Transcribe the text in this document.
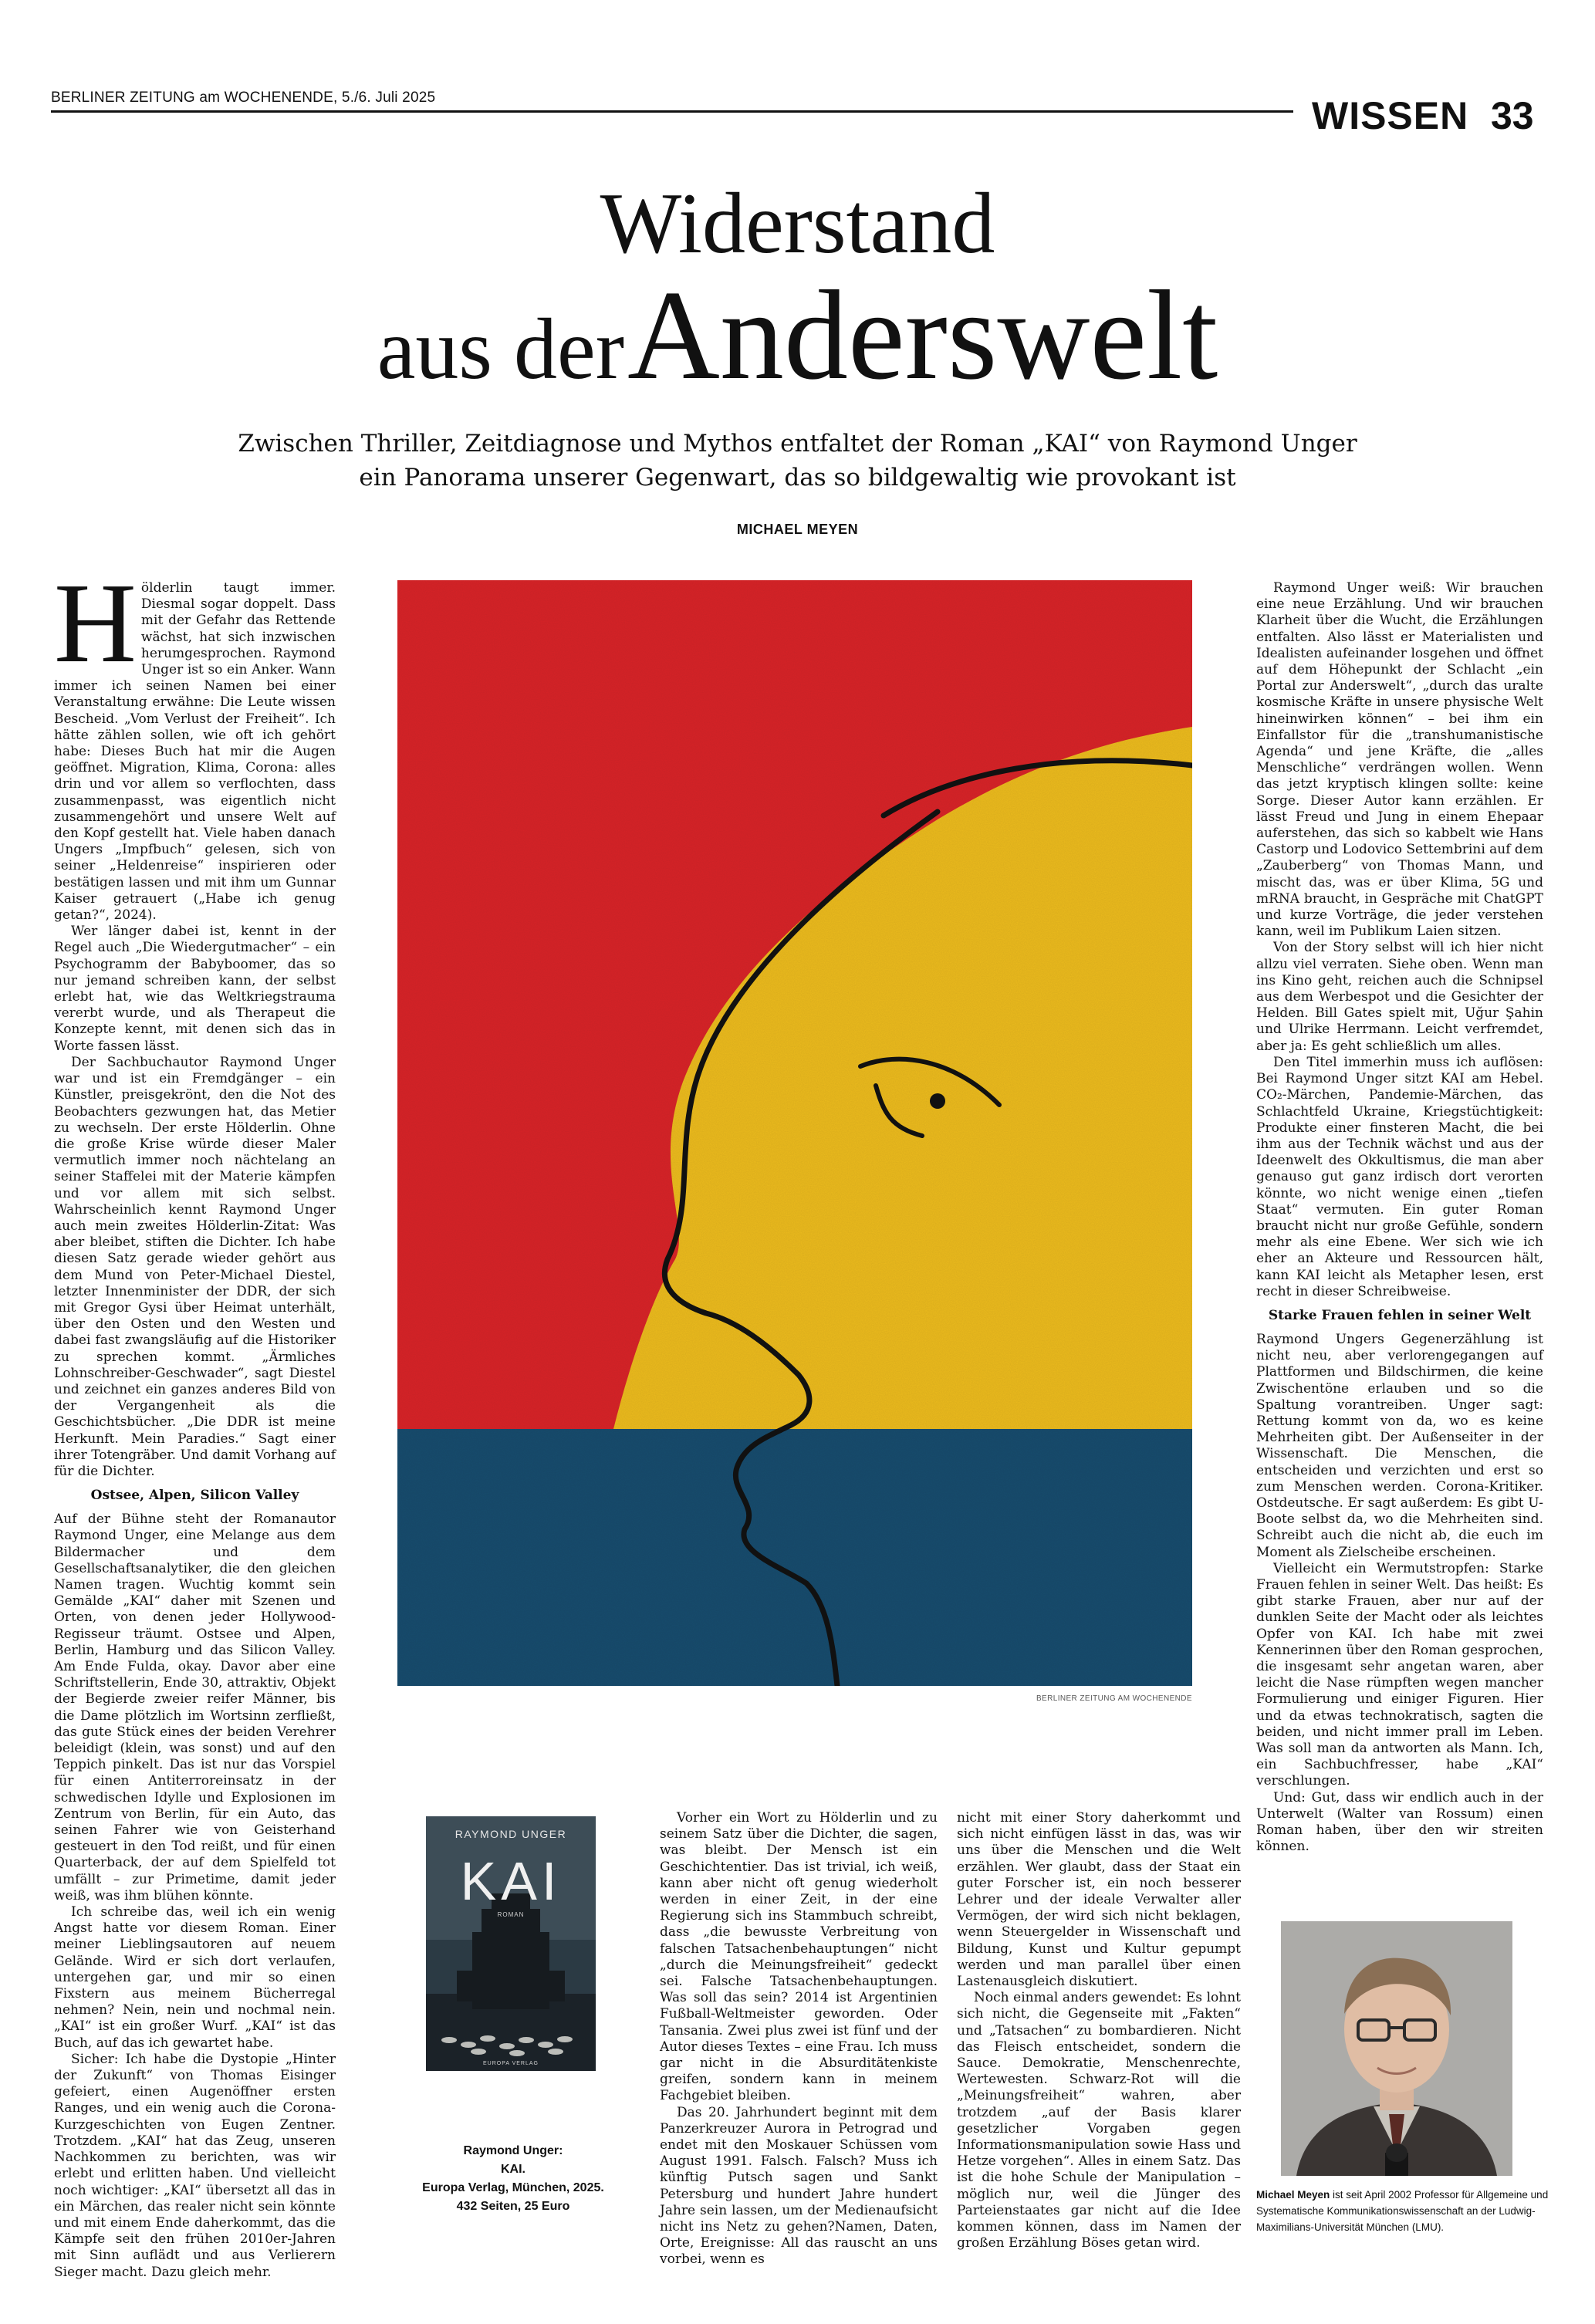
BERLINER ZEITUNG am WOCHENENDE, 5./6. Juli 2025	WISSEN 33
Widerstand
aus der Anderswelt
Zwischen Thriller, Zeitdiagnose und Mythos entfaltet der Roman „KAI“ von Raymond Unger
ein Panorama unserer Gegenwart, das so bildgewaltig wie provokant ist
MICHAEL MEYEN

Hölderlin taugt immer. Diesmal sogar doppelt. Dass mit der Gefahr das Rettende wächst, hat sich inzwischen herumgesprochen. Raymond Unger ist so ein Anker. Wann immer ich seinen Namen bei einer Veranstaltung erwähne: Die Leute wissen Bescheid. „Vom Verlust der Freiheit“. Ich hätte zählen sollen, wie oft ich gehört habe: Dieses Buch hat mir die Augen geöffnet. Migration, Klima, Corona: alles drin und vor allem so verflochten, dass zusammenpasst, was eigentlich nicht zusammengehört und unsere Welt auf den Kopf gestellt hat. Viele haben danach Ungers „Impfbuch“ gelesen, sich von seiner „Heldenreise“ inspirieren oder bestätigen lassen und mit ihm um Gunnar Kaiser getrauert („Habe ich genug getan?“, 2024).

Wer länger dabei ist, kennt in der Regel auch „Die Wiedergutmacher“ – ein Psychogramm der Babyboomer, das so nur jemand schreiben kann, der selbst erlebt hat, wie das Weltkriegstrauma vererbt wurde, und als Therapeut die Konzepte kennt, mit denen sich das in Worte fassen lässt.

Der Sachbuchautor Raymond Unger war und ist ein Fremdgänger – ein Künstler, preisgekrönt, den die Not des Beobachters gezwungen hat, das Metier zu wechseln. Der erste Hölderlin. Ohne die große Krise würde dieser Maler vermutlich immer noch nächtelang an seiner Staffelei mit der Materie kämpfen und vor allem mit sich selbst. Wahrscheinlich kennt Raymond Unger auch mein zweites Hölderlin-Zitat: Was aber bleibet, stiften die Dichter. Ich habe diesen Satz gerade wieder gehört aus dem Mund von Peter-Michael Diestel, letzter Innenminister der DDR, der sich mit Gregor Gysi über Heimat unterhält, über den Osten und den Westen und dabei fast zwangsläufig auf die Historiker zu sprechen kommt. „Ärmliches Lohnschreiber-Geschwader“, sagt Diestel und zeichnet ein ganzes anderes Bild von der Vergangenheit als die Geschichtsbücher. „Die DDR ist meine Herkunft. Mein Paradies.“ Sagt einer ihrer Totengräber. Und damit Vorhang auf für die Dichter.

Ostsee, Alpen, Silicon Valley

Auf der Bühne steht der Romanautor Raymond Unger, eine Melange aus dem Bildermacher und dem Gesellschaftsanalytiker, die den gleichen Namen tragen. Wuchtig kommt sein Gemälde „KAI“ daher mit Szenen und Orten, von denen jeder Hollywood-Regisseur träumt. Ostsee und Alpen, Berlin, Hamburg und das Silicon Valley. Am Ende Fulda, okay. Davor aber eine Schriftstellerin, Ende 30, attraktiv, Objekt der Begierde zweier reifer Männer, bis die Dame plötzlich im Wortsinn zerfließt, das gute Stück eines der beiden Verehrer beleidigt (klein, was sonst) und auf den Teppich pinkelt. Das ist nur das Vorspiel für einen Antiterroreinsatz in der schwedischen Idylle und Explosionen im Zentrum von Berlin, für ein Auto, das seinen Fahrer wie von Geisterhand gesteuert in den Tod reißt, und für einen Quarterback, der auf dem Spielfeld tot umfällt – zur Primetime, damit jeder weiß, was ihm blühen könnte.

Ich schreibe das, weil ich ein wenig Angst hatte vor diesem Roman. Einer meiner Lieblingsautoren auf neuem Gelände. Wird er sich dort verlaufen, untergehen gar, und mir so einen Fixstern aus meinem Bücherregal nehmen? Nein, nein und nochmal nein. „KAI“ ist ein großer Wurf. „KAI“ ist das Buch, auf das ich gewartet habe.

Sicher: Ich habe die Dystopie „Hinter der Zukunft“ von Thomas Eisinger gefeiert, einen Augenöffner ersten Ranges, und ein wenig auch die Corona-Kurzgeschichten von Eugen Zentner. Trotzdem. „KAI“ hat das Zeug, unseren Nachkommen zu berichten, was wir erlebt und erlitten haben. Und vielleicht noch wichtiger: „KAI“ übersetzt all das in ein Märchen, das realer nicht sein könnte und mit einem Ende daherkommt, das die Kämpfe seit den frühen 2010er-Jahren mit Sinn auflädt und aus Verlierern Sieger macht. Dazu gleich mehr.

BERLINER ZEITUNG AM WOCHENENDE

Raymond Unger weiß: Wir brauchen eine neue Erzählung. Und wir brauchen Klarheit über die Wucht, die Erzählungen entfalten. Also lässt er Materialisten und Idealisten aufeinander losgehen und öffnet auf dem Höhepunkt der Schlacht „ein Portal zur Anderswelt“, „durch das uralte kosmische Kräfte in unsere physische Welt hineinwirken können“ – bei ihm ein Einfallstor für die „transhumanistische Agenda“ und jene Kräfte, die „alles Menschliche“ verdrängen wollen. Wenn das jetzt kryptisch klingen sollte: keine Sorge. Dieser Autor kann erzählen. Er lässt Freud und Jung in einem Ehepaar auferstehen, das sich so kabbelt wie Hans Castorp und Lodovico Settembrini auf dem „Zauberberg“ von Thomas Mann, und mischt das, was er über Klima, 5G und mRNA braucht, in Gespräche mit ChatGPT und kurze Vorträge, die jeder verstehen kann, weil im Publikum Laien sitzen.

Von der Story selbst will ich hier nicht allzu viel verraten. Siehe oben. Wenn man ins Kino geht, reichen auch die Schnipsel aus dem Werbespot und die Gesichter der Helden. Bill Gates spielt mit, Uğur Şahin und Ulrike Herrmann. Leicht verfremdet, aber ja: Es geht schließlich um alles.

Den Titel immerhin muss ich auflösen: Bei Raymond Unger sitzt KAI am Hebel. CO₂-Märchen, Pandemie-Märchen, das Schlachtfeld Ukraine, Kriegstüchtigkeit: Produkte einer finsteren Macht, die bei ihm aus der Technik wächst und aus der Ideenwelt des Okkultismus, die man aber genauso gut ganz irdisch dort verorten könnte, wo nicht wenige einen „tiefen Staat“ vermuten. Ein guter Roman braucht nicht nur große Gefühle, sondern mehr als eine Ebene. Wer sich wie ich eher an Akteure und Ressourcen hält, kann KAI leicht als Metapher lesen, erst recht in dieser Schreibweise.

Starke Frauen fehlen in seiner Welt

Raymond Ungers Gegenerzählung ist nicht neu, aber verlorengegangen auf Plattformen und Bildschirmen, die keine Zwischentöne erlauben und so die Spaltung vorantreiben. Unger sagt: Rettung kommt von da, wo es keine Mehrheiten gibt. Der Außenseiter in der Wissenschaft. Die Menschen, die entscheiden und verzichten und erst so zum Menschen werden. Corona-Kritiker. Ostdeutsche. Er sagt außerdem: Es gibt U-Boote selbst da, wo die Mehrheiten sind. Schreibt auch die nicht ab, die euch im Moment als Zielscheibe erscheinen.

Vielleicht ein Wermutstropfen: Starke Frauen fehlen in seiner Welt. Das heißt: Es gibt starke Frauen, aber nur auf der dunklen Seite der Macht oder als leichtes Opfer von KAI. Ich habe mit zwei Kennerinnen über den Roman gesprochen, die insgesamt sehr angetan waren, aber leicht die Nase rümpften wegen mancher Formulierung und einiger Figuren. Hier und da etwas technokratisch, sagten die beiden, und nicht immer prall im Leben. Was soll man da antworten als Mann. Ich, ein Sachbuchfresser, habe „KAI“ verschlungen.

Und: Gut, dass wir endlich auch in der Unterwelt (Walter van Rossum) einen Roman haben, über den wir streiten können.

RAYMOND UNGER
KAI
ROMAN
EUROPA VERLAG
Raymond Unger:
KAI.
Europa Verlag, München, 2025.
432 Seiten, 25 Euro

Vorher ein Wort zu Hölderlin und zu seinem Satz über die Dichter, die sagen, was bleibt. Der Mensch ist ein Geschichtentier. Das ist trivial, ich weiß, kann aber nicht oft genug wiederholt werden in einer Zeit, in der eine Regierung sich ins Stammbuch schreibt, dass „die bewusste Verbreitung von falschen Tatsachenbehauptungen“ nicht „durch die Meinungsfreiheit“ gedeckt sei. Falsche Tatsachenbehauptungen. Was soll das sein? 2014 ist Argentinien Fußball-Weltmeister geworden. Oder Tansania. Zwei plus zwei ist fünf und der Autor dieses Textes – eine Frau. Ich muss gar nicht in die Absurditätenkiste greifen, sondern kann in meinem Fachgebiet bleiben.

Das 20. Jahrhundert beginnt mit dem Panzerkreuzer Aurora in Petrograd und endet mit den Moskauer Schüssen vom August 1991. Falsch. Falsch? Muss ich künftig Putsch sagen und Sankt Petersburg und hundert Jahre hundert Jahre sein lassen, um der Medienaufsicht nicht ins Netz zu gehen?Namen, Daten, Orte, Ereignisse: All das rauscht an uns vorbei, wenn es

nicht mit einer Story daherkommt und sich nicht einfügen lässt in das, was wir uns über die Menschen und die Welt erzählen. Wer glaubt, dass der Staat ein guter Forscher ist, ein noch besserer Lehrer und der ideale Verwalter aller Vermögen, der wird sich nicht beklagen, wenn Steuergelder in Wissenschaft und Bildung, Kunst und Kultur gepumpt werden und man parallel über einen Lastenausgleich diskutiert.

Noch einmal anders gewendet: Es lohnt sich nicht, die Gegenseite mit „Fakten“ und „Tatsachen“ zu bombardieren. Nicht das Fleisch entscheidet, sondern die Sauce. Demokratie, Menschenrechte, Wertewesten. Schwarz-Rot will die „Meinungsfreiheit“ wahren, aber trotzdem „auf der Basis klarer gesetzlicher Vorgaben gegen Informationsmanipulation sowie Hass und Hetze vorgehen“. Alles in einem Satz. Das ist die hohe Schule der Manipulation – möglich nur, weil die Jünger des Parteienstaates gar nicht auf die Idee kommen können, dass im Namen der großen Erzählung Böses getan wird.

Michael Meyen ist seit April 2002 Professor für Allgemeine und Systematische Kommunikationswissenschaft an der Ludwig-Maximilians-Universität München (LMU).
